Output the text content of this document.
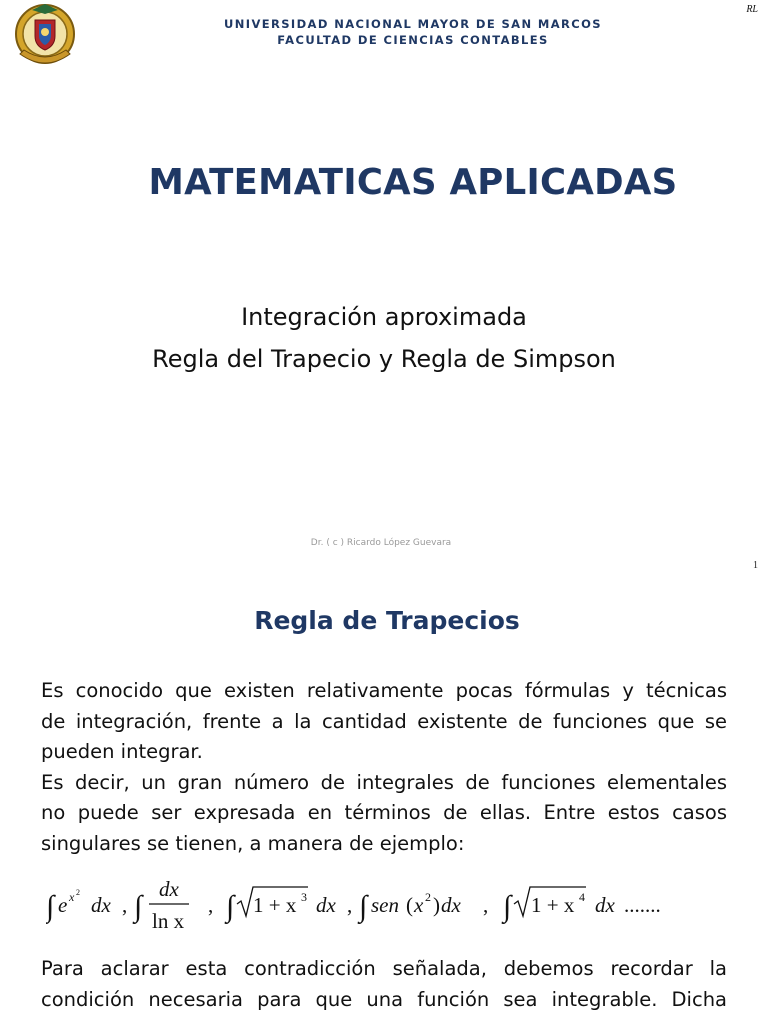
UNIVERSIDAD NACIONAL MAYOR DE SAN MARCOS
FACULTAD DE CIENCIAS CONTABLES
RL
MATEMATICAS APLICADAS
Integración aproximada
Regla del Trapecio y Regla de Simpson
Dr. ( c ) Ricardo López Guevara
1
Regla de Trapecios
Es conocido que existen relativamente pocas fórmulas y técnicas
de integración, frente a la cantidad existente de funciones que se
pueden integrar.
Es decir, un gran número de integrales de funciones elementales
no puede ser expresada en términos de ellas. Entre estos casos
singulares se tienen, a manera de ejemplo:
∫ e x 2
dx , ∫
dx
ln x
, ∫ 1 + x 3 dx , ∫ sen ( x 2 ) dx , ∫ 1 + x 4 dx .......
Para aclarar esta contradicción señalada, debemos recordar la
condición necesaria para que una función sea integrable. Dicha
